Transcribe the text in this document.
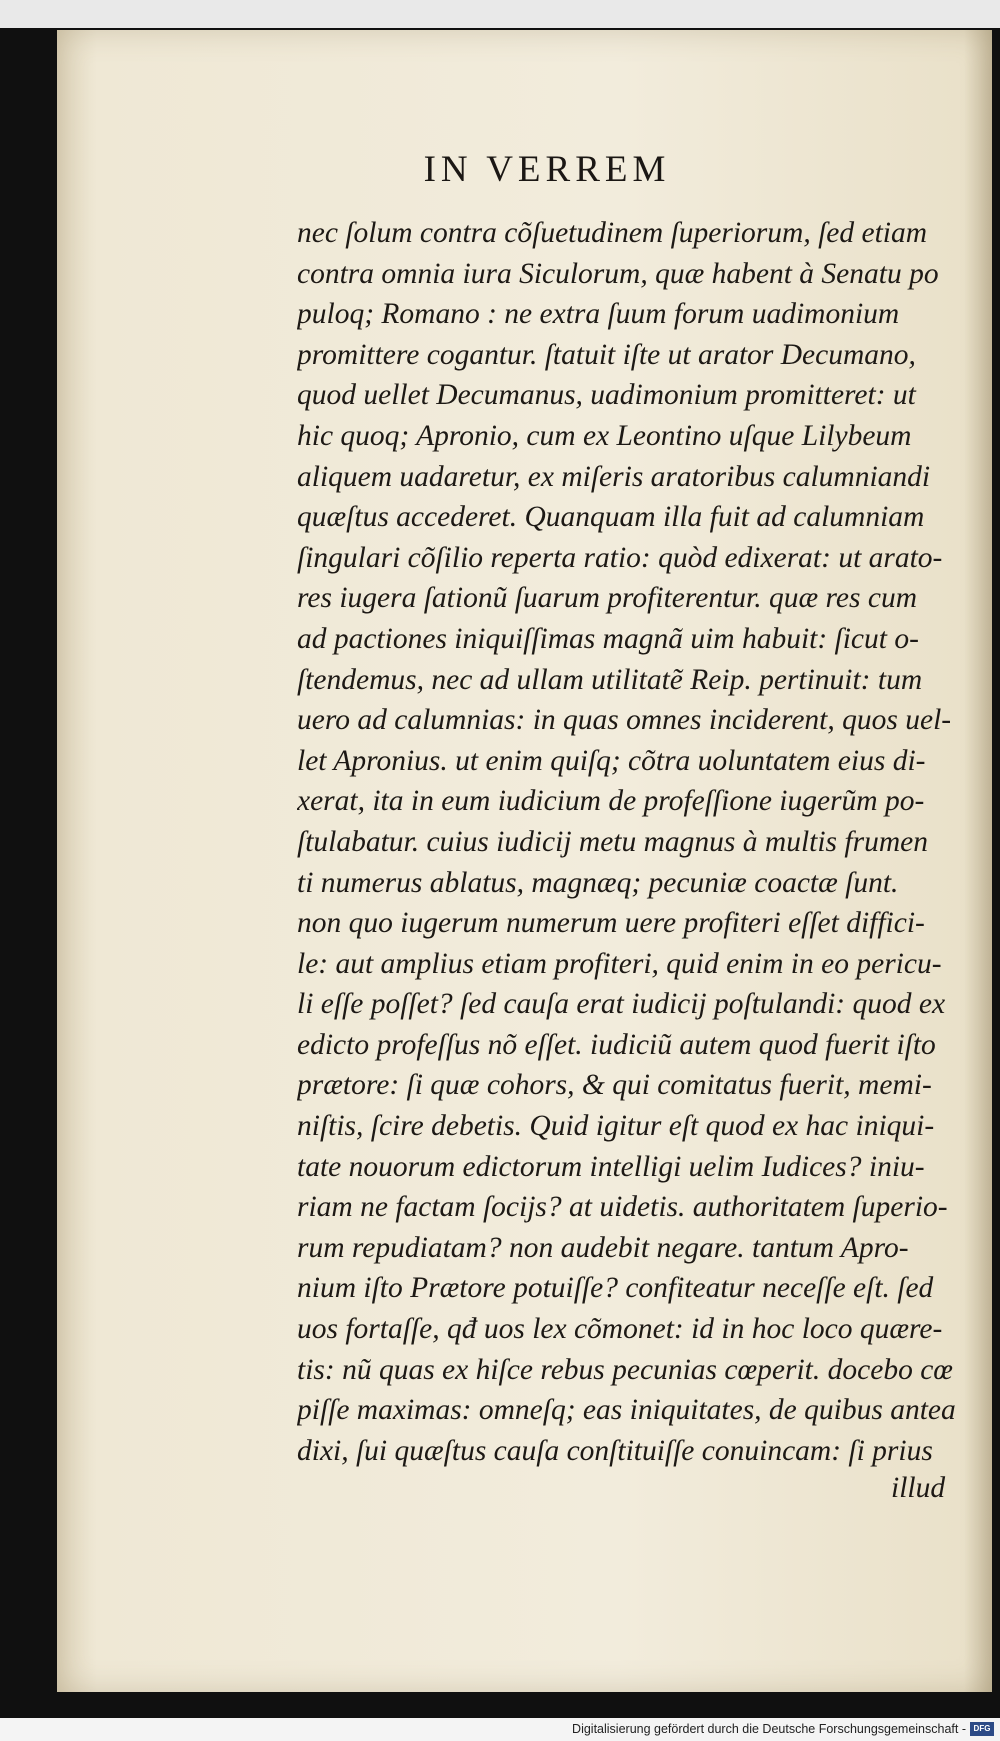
IN VERREM
nec ſolum contra cõſuetudinem ſuperiorum, ſed etiam
contra omnia iura Siculorum, quæ habent à Senatu po
puloq; Romano : ne extra ſuum forum uadimonium
promittere cogantur. ſtatuit iſte ut arator Decumano,
quod uellet Decumanus, uadimonium promitteret: ut
hic quoq; Apronio, cum ex Leontino uſque Lilybeum
aliquem uadaretur, ex miſeris aratoribus calumniandi
quæſtus accederet. Quanquam illa fuit ad calumniam
ſingulari cõſilio reperta ratio: quòd edixerat: ut arato-
res iugera ſationũ ſuarum profiterentur. quæ res cum
ad pactiones iniquiſſimas magnã uim habuit: ſicut o-
ſtendemus, nec ad ullam utilitatẽ Reip. pertinuit: tum
uero ad calumnias: in quas omnes inciderent, quos uel-
let Apronius. ut enim quiſq; cõtra uoluntatem eius di-
xerat, ita in eum iudicium de profeſſione iugerũm po-
ſtulabatur. cuius iudicij metu magnus à multis frumen
ti numerus ablatus, magnæq; pecuniæ coactæ ſunt.
non quo iugerum numerum uere profiteri eſſet diffici-
le: aut amplius etiam profiteri, quid enim in eo pericu-
li eſſe poſſet? ſed cauſa erat iudicij poſtulandi: quod ex
edicto profeſſus nõ eſſet. iudiciũ autem quod fuerit iſto
prætore: ſi quæ cohors, & qui comitatus fuerit, memi-
niſtis, ſcire debetis. Quid igitur eſt quod ex hac iniqui-
tate nouorum edictorum intelligi uelim Iudices? iniu-
riam ne factam ſocijs? at uidetis. authoritatem ſuperio-
rum repudiatam? non audebit negare. tantum Apro-
nium iſto Prætore potuiſſe? confiteatur neceſſe eſt. ſed
uos fortaſſe, qđ uos lex cõmonet: id in hoc loco quære-
tis: nũ quas ex hiſce rebus pecunias cœperit. docebo cœ
piſſe maximas: omneſq; eas iniquitates, de quibus antea
dixi, ſui quæſtus cauſa conſtituiſſe conuincam: ſi prius
illud
Digitalisierung gefördert durch die Deutsche Forschungsgemeinschaft - DFG
